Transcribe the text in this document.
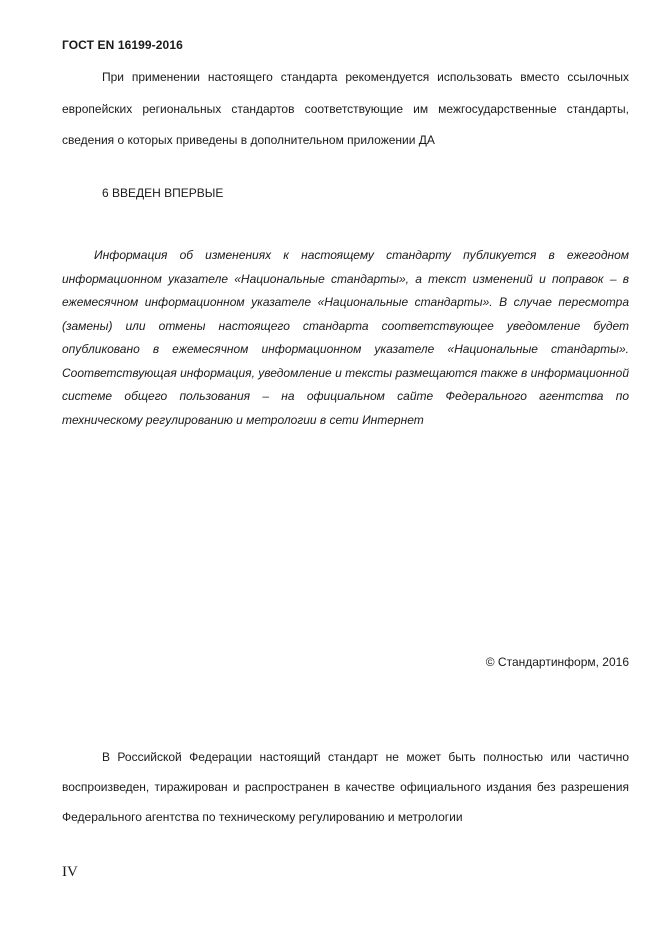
ГОСТ EN 16199-2016

При применении настоящего стандарта рекомендуется использовать вместо ссылочных европейских региональных стандартов соответствующие им межгосударственные стандарты, сведения о которых приведены в дополнительном приложении ДА

6 ВВЕДЕН ВПЕРВЫЕ

Информация об изменениях к настоящему стандарту публикуется в ежегодном информационном указателе «Национальные стандарты», а текст изменений и поправок – в ежемесячном информационном указателе «Национальные стандарты». В случае пересмотра (замены) или отмены настоящего стандарта соответствующее уведомление будет опубликовано в ежемесячном информационном указателе «Национальные стандарты». Соответствующая информация, уведомление и тексты размещаются также в информационной системе общего пользования – на официальном сайте Федерального агентства по техническому регулированию и метрологии в сети Интернет

© Стандартинформ, 2016

В Российской Федерации настоящий стандарт не может быть полностью или частично воспроизведен, тиражирован и распространен в качестве официального издания без разрешения Федерального агентства по техническому регулированию и метрологии

IV
